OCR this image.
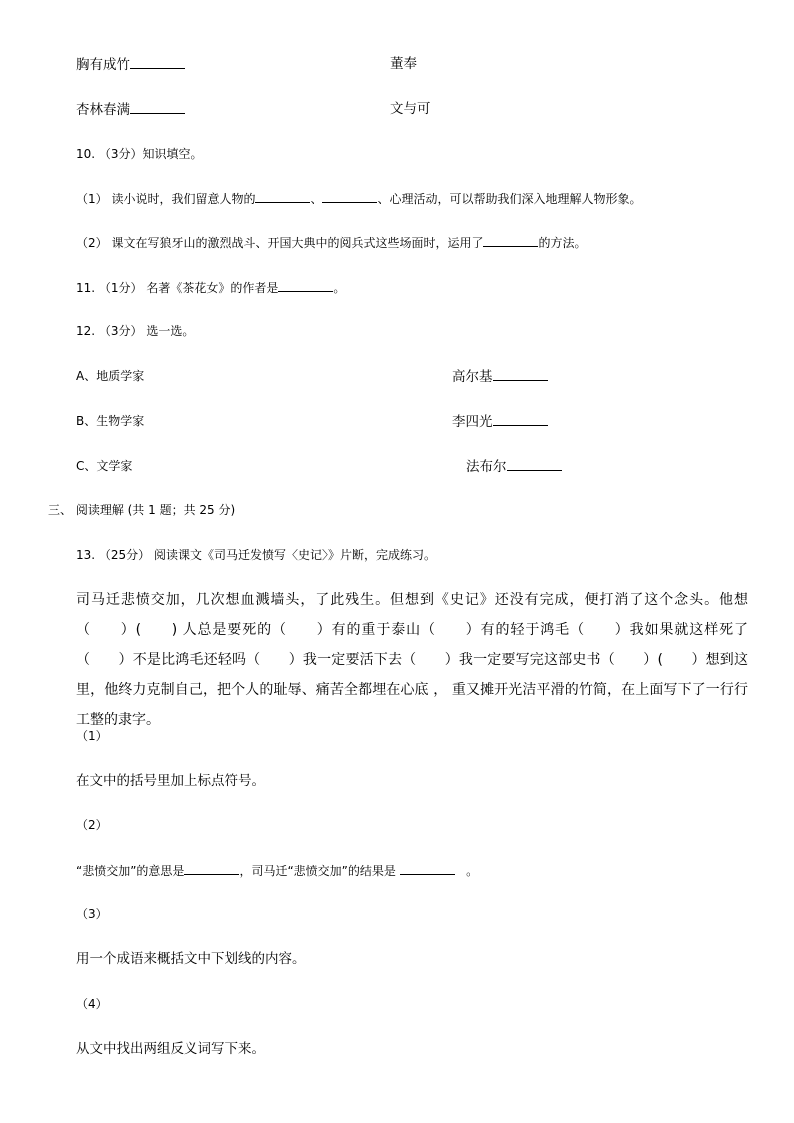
胸有成竹	董奉
杏林春满	文与可
10. （3分）知识填空。
（1） 读小说时，我们留意人物的	、	、心理活动，可以帮助我们深入地理解人物形象。
（2） 课文在写狼牙山的激烈战斗、开国大典中的阅兵式这些场面时，运用了	的方法。
11. （1分） 名著《茶花女》的作者是	。
12. （3分） 选一选。
A、地质学家	高尔基
B、生物学家	李四光
C、文学家	法布尔
三、 阅读理解 (共 1 题；共 25 分)
13. （25分） 阅读课文《司马迁发愤写〈史记〉》片断，完成练习。
司马迁悲愤交加，几次想血溅墙头，了此残生。但想到《史记》还没有完成，便打消了这个念头。他想（　　）(　　) 人总是要死的（　　）有的重于泰山（　　）有的轻于鸿毛（　　）我如果就这样死了（　　）不是比鸿毛还轻吗（　　）我一定要活下去（　　）我一定要写完这部史书（　　）(　　）想到这里，他终力克制自己，把个人的耻辱、痛苦全都埋在心底 ， 重又摊开光洁平滑的竹简，在上面写下了一行行工整的隶字。
（1）
在文中的括号里加上标点符号。
（2）
“悲愤交加”的意思是	，司马迁“悲愤交加”的结果是	。
（3）
用一个成语来概括文中下划线的内容。
（4）
从文中找出两组反义词写下来。
